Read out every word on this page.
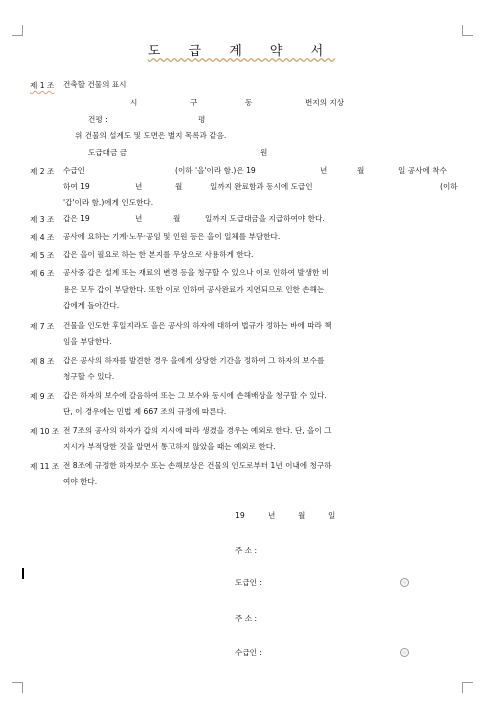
도 급 계 약 서
제 1 조 건축할 건물의 표시
시	구	동	번지의 지상
건평 :	평
위 건물의 설계도 및 도면은 별지 목록과 같음.
도급대금 금	원
제 2 조 수급인	(이하 '을'이라 함.)은 19	년	월	일 공사에 착수
하여 19	년	월	일까지 완료함과 동시에 도급인	(이하
'갑'이라 함.)에게 인도한다.
제 3 조 갑은 19	년	월	일까지 도급대금을 지급하여야 한다.
제 4 조 공사에 요하는 기계·노무·공임 및 인원 등은 을이 일체를 부담한다.
제 5 조 갑은 을이 필요로 하는 한 본지를 무상으로 사용하게 한다.
제 6 조 공사중 갑은 설계 또는 재료의 변경 등을 청구할 수 있으나 이로 인하여 발생한 비
용은 모두 갑이 부담한다. 또한 이로 인하여 공사완료가 지연되므로 인한 손해는
갑에게 돌아간다.
제 7 조 건물을 인도한 후일지라도 을은 공사의 하자에 대하여 법규가 정하는 바에 따라 책
임을 부담한다.
제 8 조 갑은 공사의 하자를 발견한 경우 을에게 상당한 기간을 정하여 그 하자의 보수를
청구할 수 있다.
제 9 조 갑은 하자의 보수에 갈음하여 또는 그 보수와 동시에 손해배상을 청구할 수 있다.
단, 이 경우에는 민법 제 667 조의 규정에 따른다.
제 10 조 전 7조의 공사의 하자가 갑의 지시에 따라 생겼을 경우는 예외로 한다. 단, 을이 그
지시가 부적당한 것을 알면서 통고하지 않았을 때는 예외로 한다.
제 11 조 전 8조에 규정한 하자보수 또는 손해보상은 건물의 인도로부터 1년 이내에 청구하
여야 한다.
19	년	월	일
주 소 :
도급인 :
주 소 :
수급인 :
